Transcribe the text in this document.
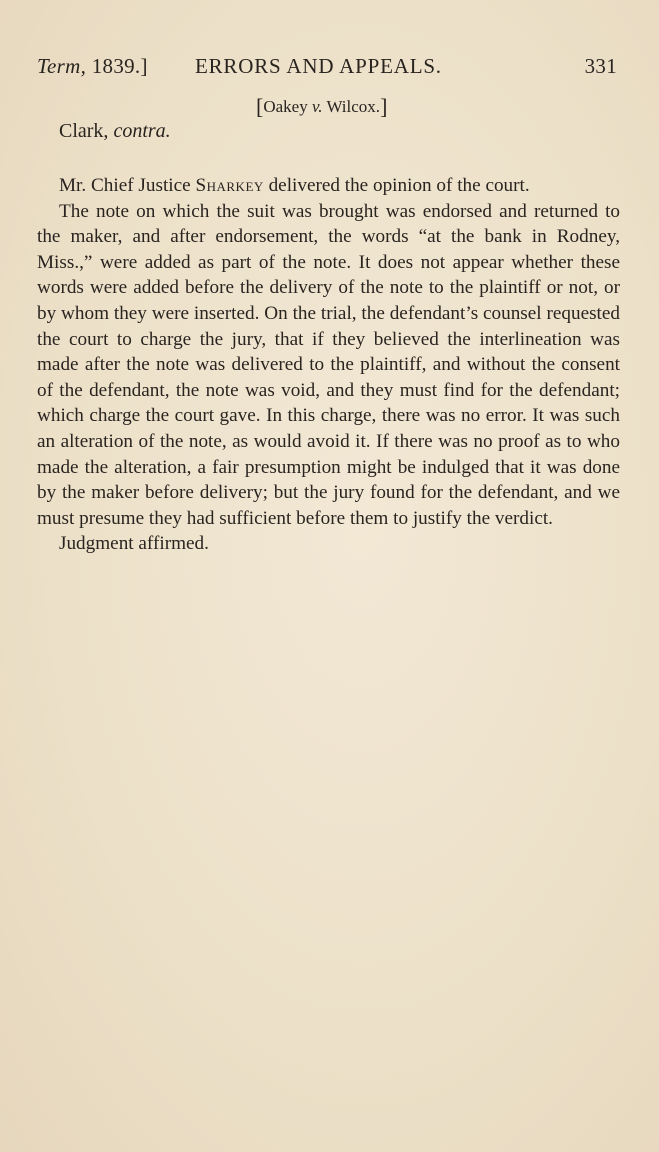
Term, 1839.] ERRORS AND APPEALS.	331
[Oakey v. Wilcox.]
Clark, contra.

Mr. Chief Justice Sharkey delivered the opinion of the court.

The note on which the suit was brought was endorsed and returned to the maker, and after endorsement, the words “at the bank in Rodney, Miss.,” were added as part of the note. It does not appear whether these words were added before the delivery of the note to the plaintiff or not, or by whom they were inserted. On the trial, the defendant’s counsel requested the court to charge the jury, that if they believed the interlineation was made after the note was delivered to the plaintiff, and without the consent of the defendant, the note was void, and they must find for the defendant; which charge the court gave. In this charge, there was no error. It was such an alteration of the note, as would avoid it. If there was no proof as to who made the alteration, a fair presumption might be indulged that it was done by the maker before delivery; but the jury found for the defendant, and we must presume they had sufficient before them to justify the verdict.

Judgment affirmed.
